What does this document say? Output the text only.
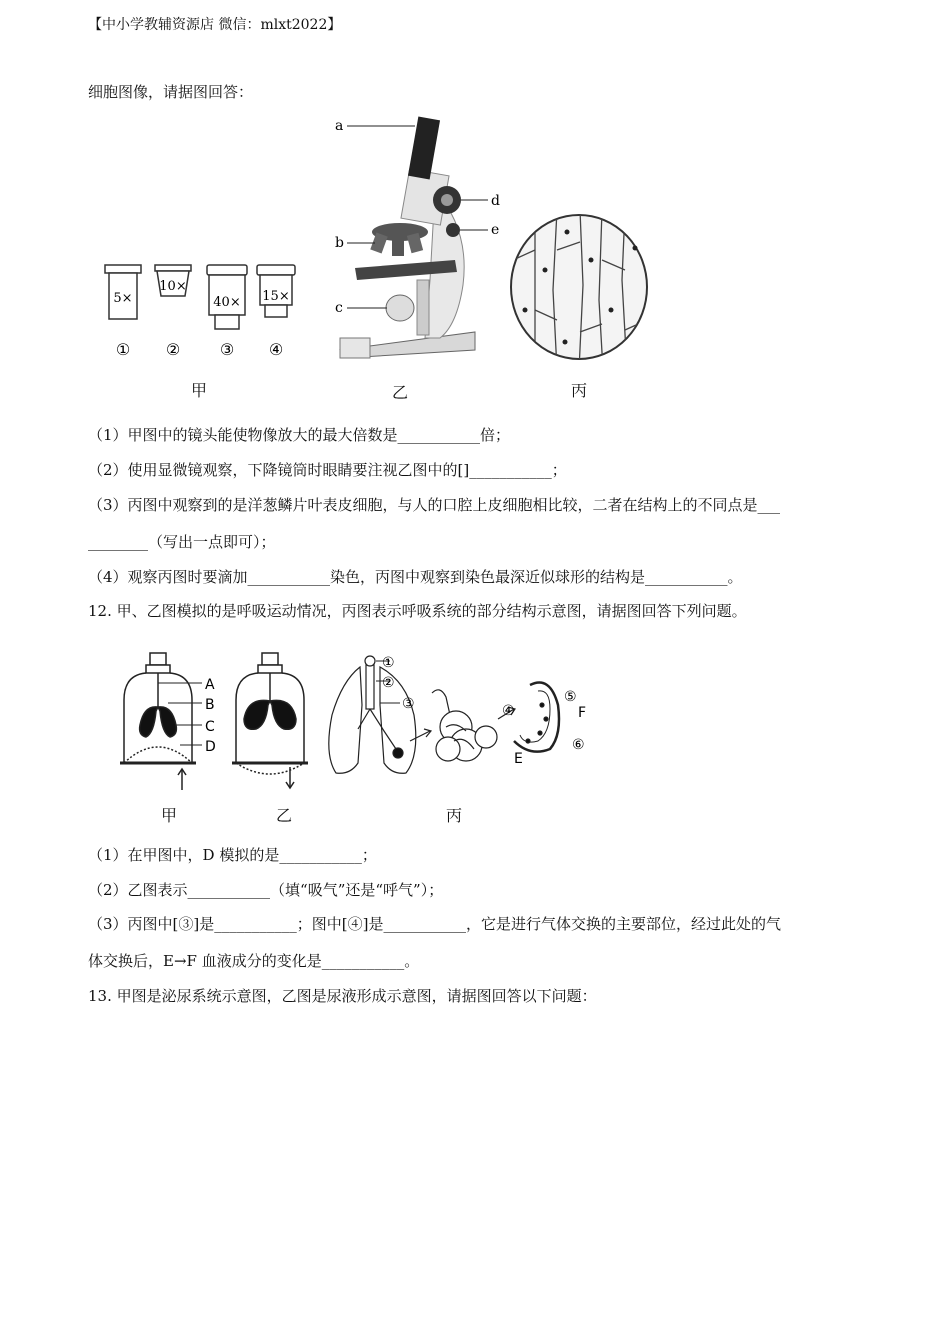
【中小学教辅资源店 微信：mlxt2022】
细胞图像，请据图回答：
5×
①
10×
②
40×
③
15×
④
a
d
e
b
c
甲	乙	丙
（1）甲图中的镜头能使物像放大的最大倍数是___________倍；
（2）使用显微镜观察，下降镜筒时眼睛要注视乙图中的[]___________；
（3）丙图中观察到的是洋葱鳞片叶表皮细胞，与人的口腔上皮细胞相比较，二者在结构上的不同点是___
________（写出一点即可）；
（4）观察丙图时要滴加___________染色，丙图中观察到染色最深近似球形的结构是___________。
12. 甲、乙图模拟的是呼吸运动情况，丙图表示呼吸系统的部分结构示意图，请据图回答下列问题。
A
B
C
D
①
②
③	④
⑤
F
⑥
E
甲	乙	丙
（1）在甲图中，D 模拟的是___________；
（2）乙图表示___________（填“吸气”还是“呼气”）；
（3）丙图中[③]是___________；图中[④]是___________，它是进行气体交换的主要部位，经过此处的气
体交换后，E→F 血液成分的变化是___________。
13. 甲图是泌尿系统示意图，乙图是尿液形成示意图，请据图回答以下问题：
